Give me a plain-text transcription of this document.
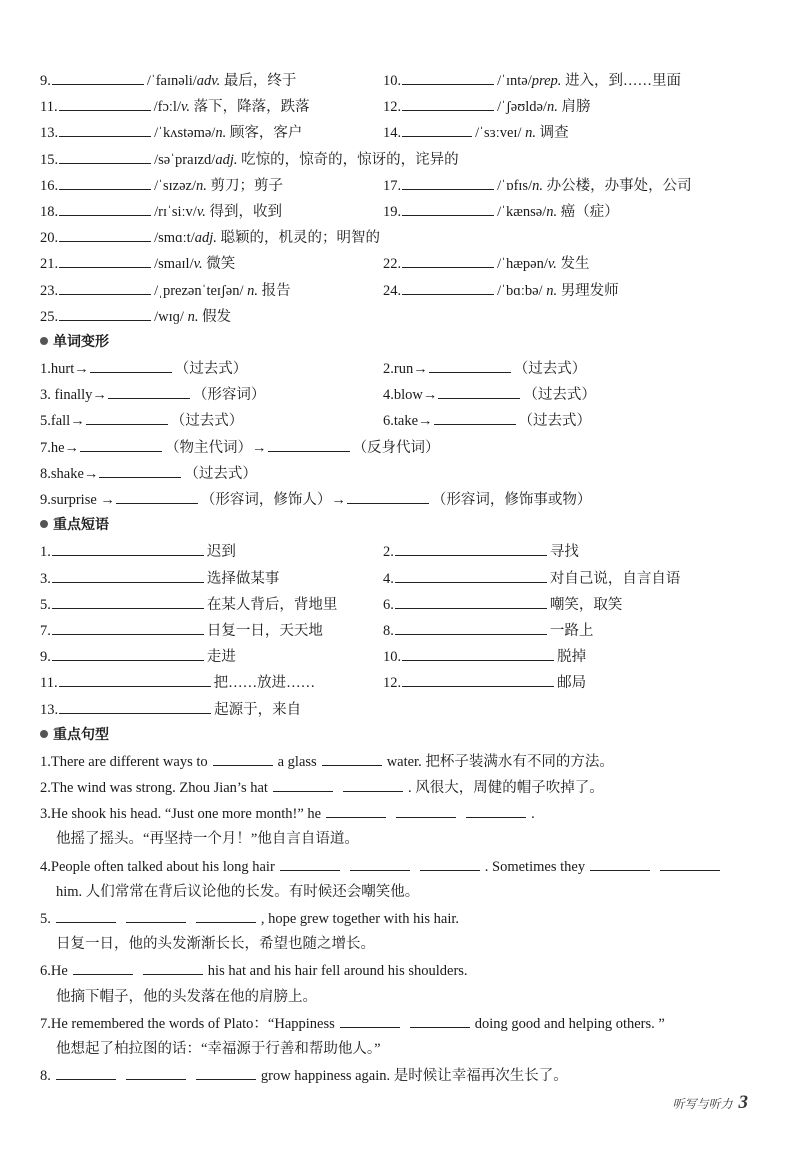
9.	/ˈfaɪnəli/adv. 最后，终于	10.	/ˈɪntə/prep. 进入，到……里面
11.	/fɔːl/v. 落下，降落，跌落	12.	/ˈʃəʊldə/n. 肩膀
13.	/ˈkʌstəmə/n. 顾客，客户	14.	/ˈsɜːveɪ/ n. 调查
15.	/səˈpraɪzd/adj. 吃惊的，惊奇的，惊讶的，诧异的
16.	/ˈsɪzəz/n. 剪刀；剪子	17.	/ˈɒfɪs/n. 办公楼，办事处，公司
18.	/rɪˈsiːv/v. 得到，收到	19.	/ˈkænsə/n. 癌（症）
20.	/smɑːt/adj. 聪颖的，机灵的；明智的
21.	/smaɪl/v. 微笑	22.	/ˈhæpən/v. 发生
23.	/ˌprezənˈteɪʃən/ n. 报告	24.	/ˈbɑːbə/ n. 男理发师
25.	/wɪɡ/ n. 假发
单词变形
1.hurt→	（过去式）	2.run→	（过去式）
3. finally→	（形容词）	4.blow→	（过去式）
5.fall→	（过去式）	6.take→	（过去式）
7.he→	（物主代词）→	（反身代词）
8.shake→	（过去式）
9.surprise →	（形容词，修饰人）→	（形容词，修饰事或物）
重点短语
1.	迟到	2.	寻找
3.	选择做某事	4.	对自己说，自言自语
5.	在某人背后，背地里	6.	嘲笑，取笑
7.	日复一日，天天地	8.	一路上
9.	走进	10.	脱掉
11.	把……放进……	12.	邮局
13.	起源于，来自
重点句型
1.There are different ways to	a glass	water. 把杯子装满水有不同的方法。
2.The wind was strong. Zhou Jian’s hat	. 风很大，周健的帽子吹掉了。
3.He shook his head. “Just one more month!” he	.
他摇了摇头。“再坚持一个月！”他自言自语道。
4.People often talked about his long hair	. Sometimes they
him. 人们常常在背后议论他的长发。有时候还会嘲笑他。
5.	, hope grew together with his hair.
日复一日，他的头发渐渐长长，希望也随之增长。
6.He	his hat and his hair fell around his shoulders.
他摘下帽子，他的头发落在他的肩膀上。
7.He remembered the words of Plato：“Happiness	doing good and helping others. ”
他想起了柏拉图的话：“幸福源于行善和帮助他人。”
8.	grow happiness again. 是时候让幸福再次生长了。
听写与听力 3
